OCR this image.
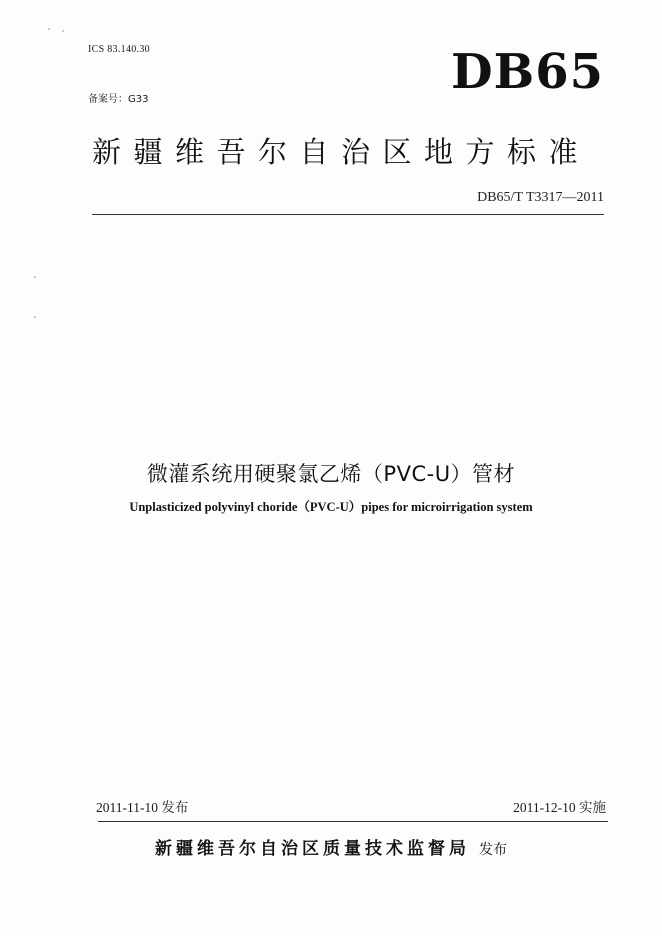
ICS 83.140.30
备案号：G33	DB65
新疆维吾尔自治区地方标准
DB65/T T3317—2011
微灌系统用硬聚氯乙烯（PVC-U）管材
Unplasticized polyvinyl choride（PVC-U）pipes for microirrigation system
2011-11-10 发布	2011-12-10 实施
新疆维吾尔自治区质量技术监督局 发布
